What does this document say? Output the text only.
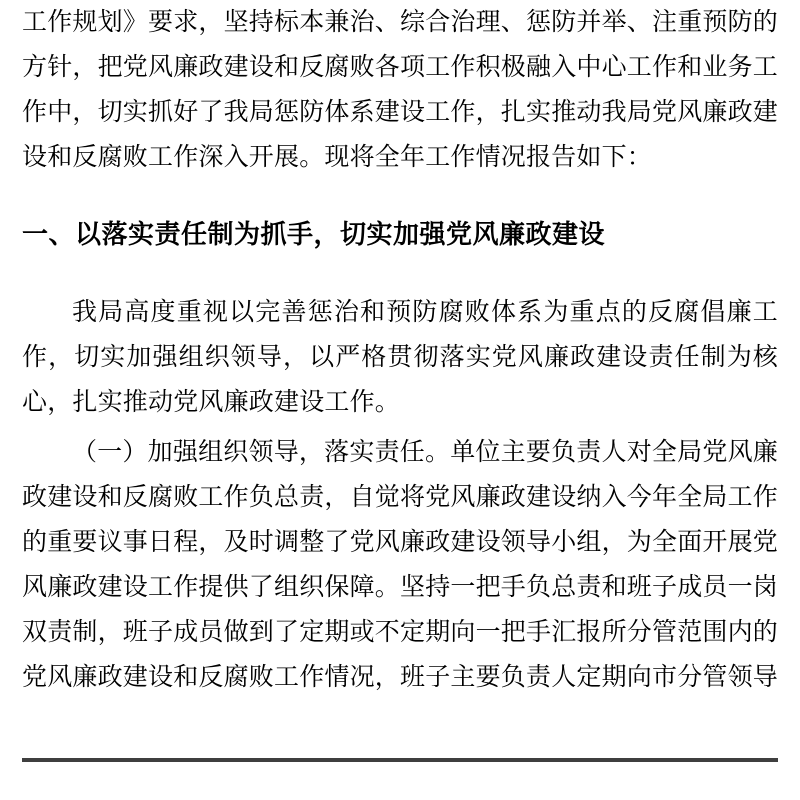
工作规划》要求，坚持标本兼治、综合治理、惩防并举、注重预防的方针，把党风廉政建设和反腐败各项工作积极融入中心工作和业务工作中，切实抓好了我局惩防体系建设工作，扎实推动我局党风廉政建设和反腐败工作深入开展。现将全年工作情况报告如下：

一、以落实责任制为抓手，切实加强党风廉政建设

我局高度重视以完善惩治和预防腐败体系为重点的反腐倡廉工作，切实加强组织领导，以严格贯彻落实党风廉政建设责任制为核心，扎实推动党风廉政建设工作。

（一）加强组织领导，落实责任。单位主要负责人对全局党风廉政建设和反腐败工作负总责，自觉将党风廉政建设纳入今年全局工作的重要议事日程，及时调整了党风廉政建设领导小组，为全面开展党风廉政建设工作提供了组织保障。坚持一把手负总责和班子成员一岗双责制，班子成员做到了定期或不定期向一把手汇报所分管范围内的党风廉政建设和反腐败工作情况，班子主要负责人定期向市分管领导
